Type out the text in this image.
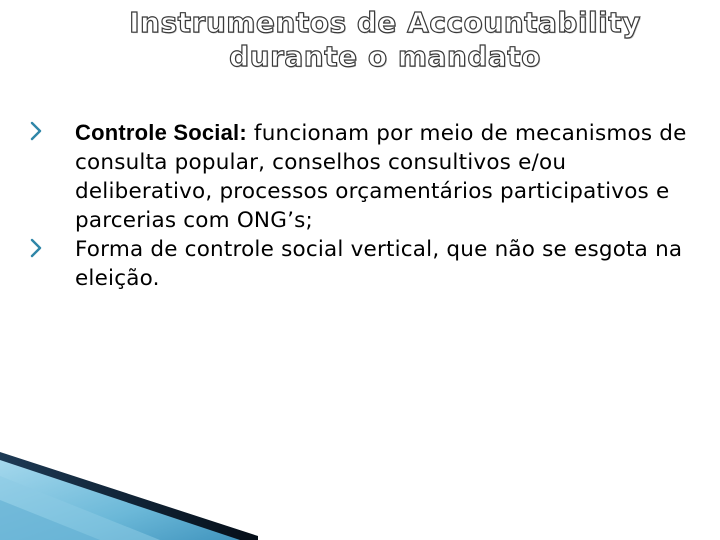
Instrumentos de Accountability
durante o mandato
Controle Social: funcionam por meio de mecanismos de consulta popular, conselhos consultivos e/ou deliberativo, processos orçamentários participativos e parcerias com ONG’s;
Forma de controle social vertical, que não se esgota na eleição.
